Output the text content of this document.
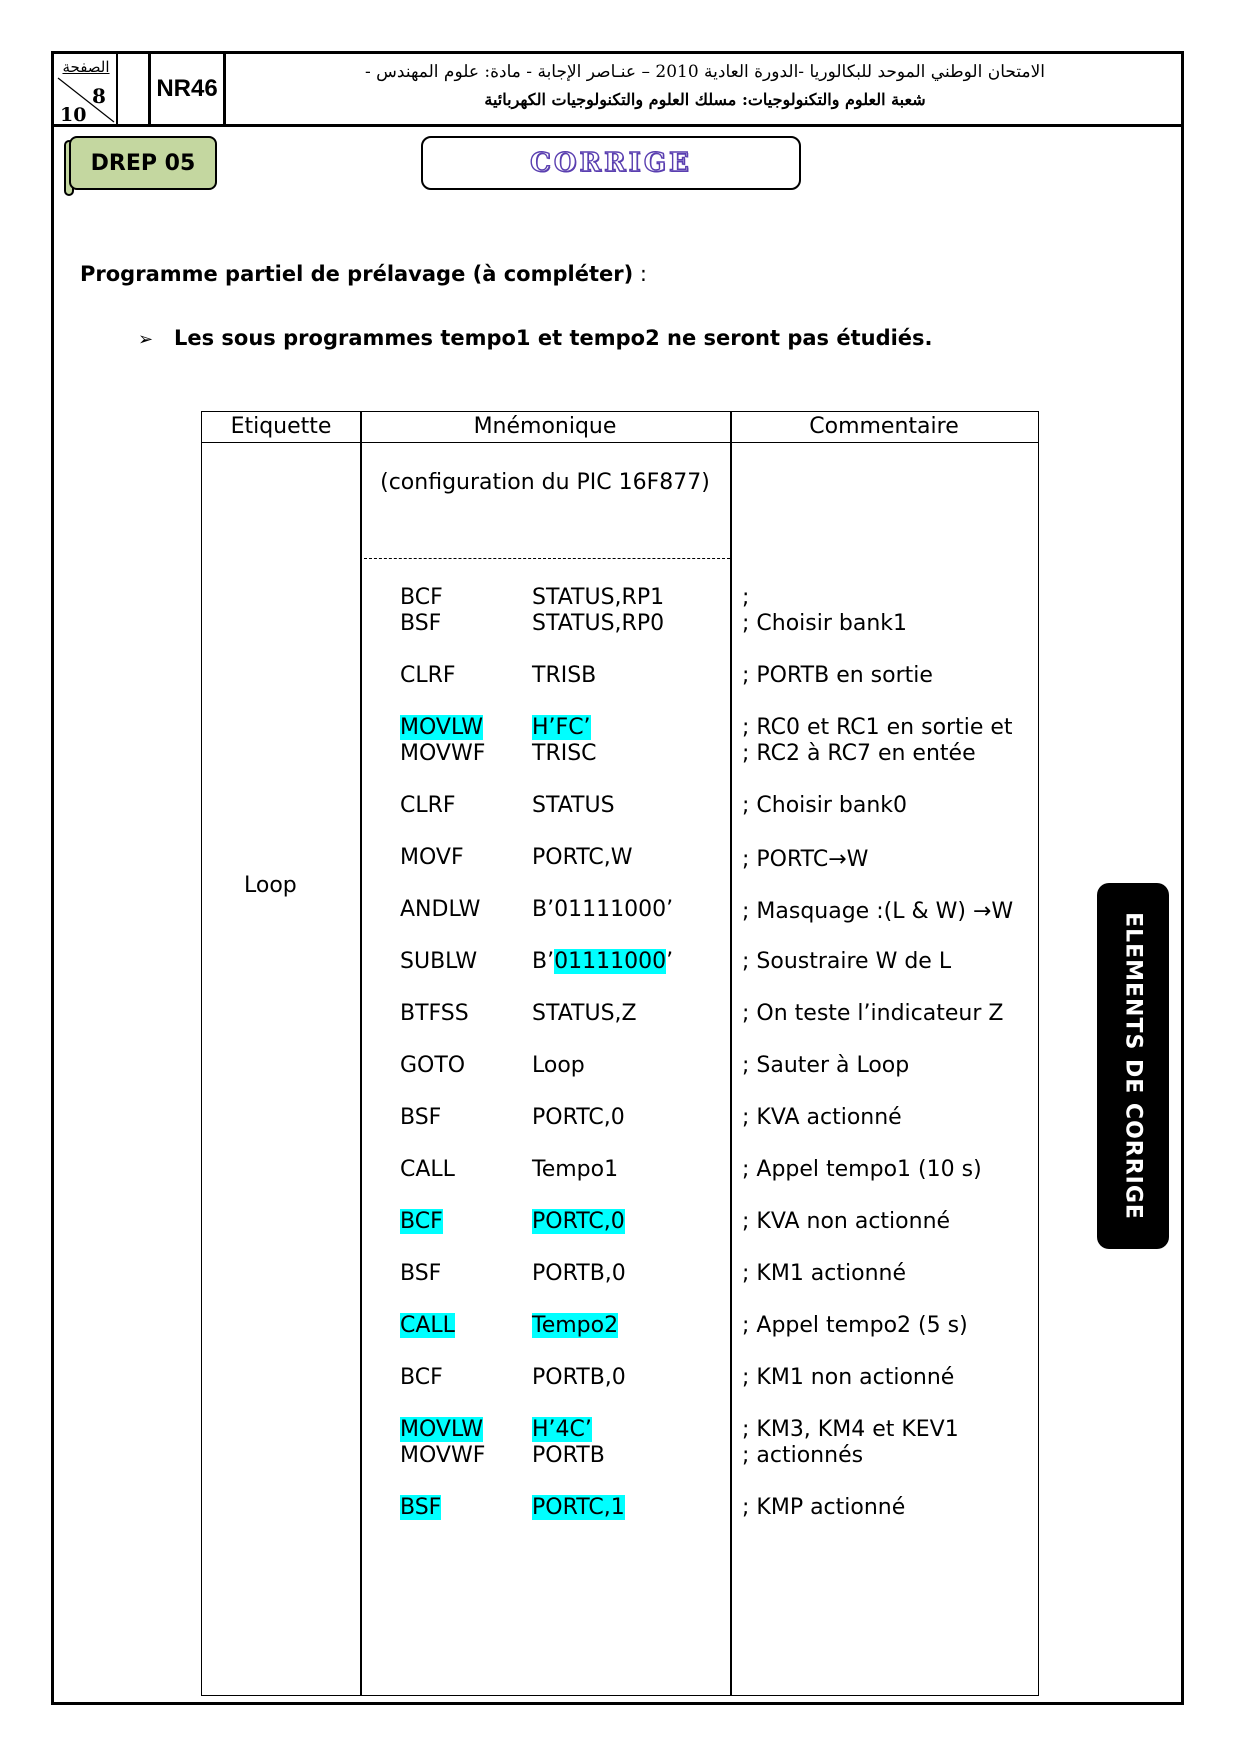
الصفحة
8
10
NR46
الامتحان الوطني الموحد للبكالوريا -الدورة العادية 2010 – عنـاصر الإجابة - مادة: علوم المهندس -
شعبة العلوم والتكنولوجيات: مسلك العلوم والتكنولوجيات الكهربائية
DREP 05	CORRIGE
Programme partiel de prélavage (à compléter) :
➢ Les sous programmes tempo1 et tempo2 ne seront pas étudiés.
Etiquette	Mnémonique	Commentaire
(configuration du PIC 16F877)
Loop
BCF	STATUS,RP1	;
BSF	STATUS,RP0	; Choisir bank1
CLRF	TRISB	; PORTB en sortie
MOVLW H’FC’	; RC0 et RC1 en sortie et
MOVWF TRISC	; RC2 à RC7 en entée
CLRF	STATUS	; Choisir bank0
MOVF	PORTC,W	; PORTC→W
ANDLW B’01111000’	; Masquage :(L & W) →W
SUBLW B’01111000’	; Soustraire W de L
BTFSS	STATUS,Z	; On teste l’indicateur Z
GOTO	Loop	; Sauter à Loop
BSF	PORTC,0	; KVA actionné
CALL	Tempo1	; Appel tempo1 (10 s)
BCF	PORTC,0	; KVA non actionné
BSF	PORTB,0	; KM1 actionné
CALL	Tempo2	; Appel tempo2 (5 s)
BCF	PORTB,0	; KM1 non actionné
MOVLW H’4C’	; KM3, KM4 et KEV1
MOVWF PORTB	; actionnés
BSF	PORTC,1	; KMP actionné
ELEMENTS DE CORRIGE
